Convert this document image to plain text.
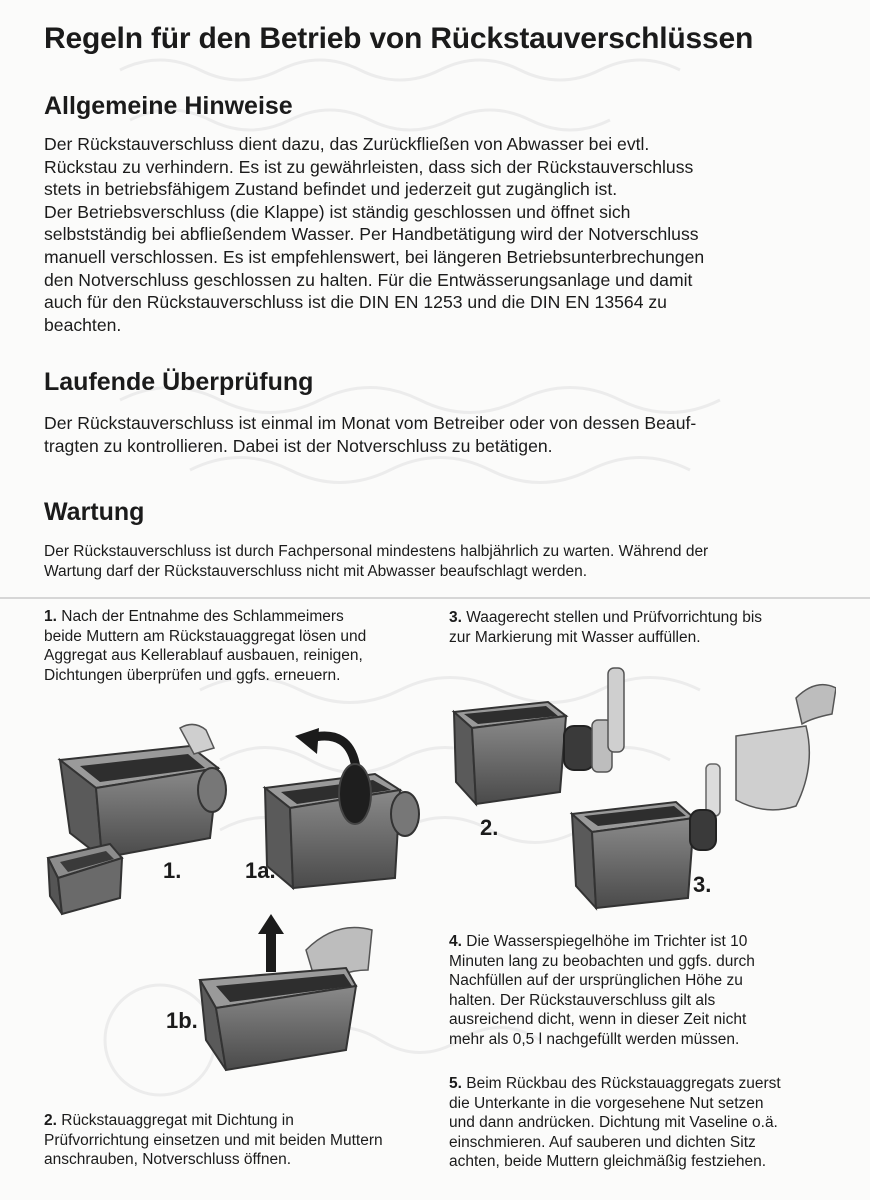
Regeln für den Betrieb von Rückstauverschlüssen
Allgemeine Hinweise

Der Rückstauverschluss dient dazu, das Zurückfließen von Abwasser bei evtl.

Rückstau zu verhindern. Es ist zu gewährleisten, dass sich der Rückstauverschluss

stets in betriebsfähigem Zustand befindet und jederzeit gut zugänglich ist.

Der Betriebsverschluss (die Klappe) ist ständig geschlossen und öffnet sich

selbstständig bei abfließendem Wasser. Per Handbetätigung wird der Notverschluss

manuell verschlossen. Es ist empfehlenswert, bei längeren Betriebsunterbrechungen

den Notverschluss geschlossen zu halten. Für die Entwässerungsanlage und damit

auch für den Rückstauverschluss ist die DIN EN 1253 und die DIN EN 13564 zu

beachten.

Laufende Überprüfung

Der Rückstauverschluss ist einmal im Monat vom Betreiber oder von dessen Beauf-

tragten zu kontrollieren. Dabei ist der Notverschluss zu betätigen.

Wartung

Der Rückstauverschluss ist durch Fachpersonal mindestens halbjährlich zu warten. Während der

Wartung darf der Rückstauverschluss nicht mit Abwasser beaufschlagt werden.

1. Nach der Entnahme des Schlammeimers

beide Muttern am Rückstauaggregat lösen und

Aggregat aus Kellerablauf ausbauen, reinigen,

Dichtungen überprüfen und ggfs. erneuern.

3. Waagerecht stellen und Prüfvorrichtung bis

zur Markierung mit Wasser auffüllen.

4. Die Wasserspiegelhöhe im Trichter ist 10

Minuten lang zu beobachten und ggfs. durch

Nachfüllen auf der ursprünglichen Höhe zu

halten. Der Rückstauverschluss gilt als

ausreichend dicht, wenn in dieser Zeit nicht

mehr als 0,5 l nachgefüllt werden müssen.

5. Beim Rückbau des Rückstauaggregats zuerst

die Unterkante in die vorgesehene Nut setzen

und dann andrücken. Dichtung mit Vaseline o.ä.

einschmieren. Auf sauberen und dichten Sitz

achten, beide Muttern gleichmäßig festziehen.

2. Rückstauaggregat mit Dichtung in

Prüfvorrichtung einsetzen und mit beiden Muttern

anschrauben, Notverschluss öffnen.

1.	1a.
1b.
2.
3.
